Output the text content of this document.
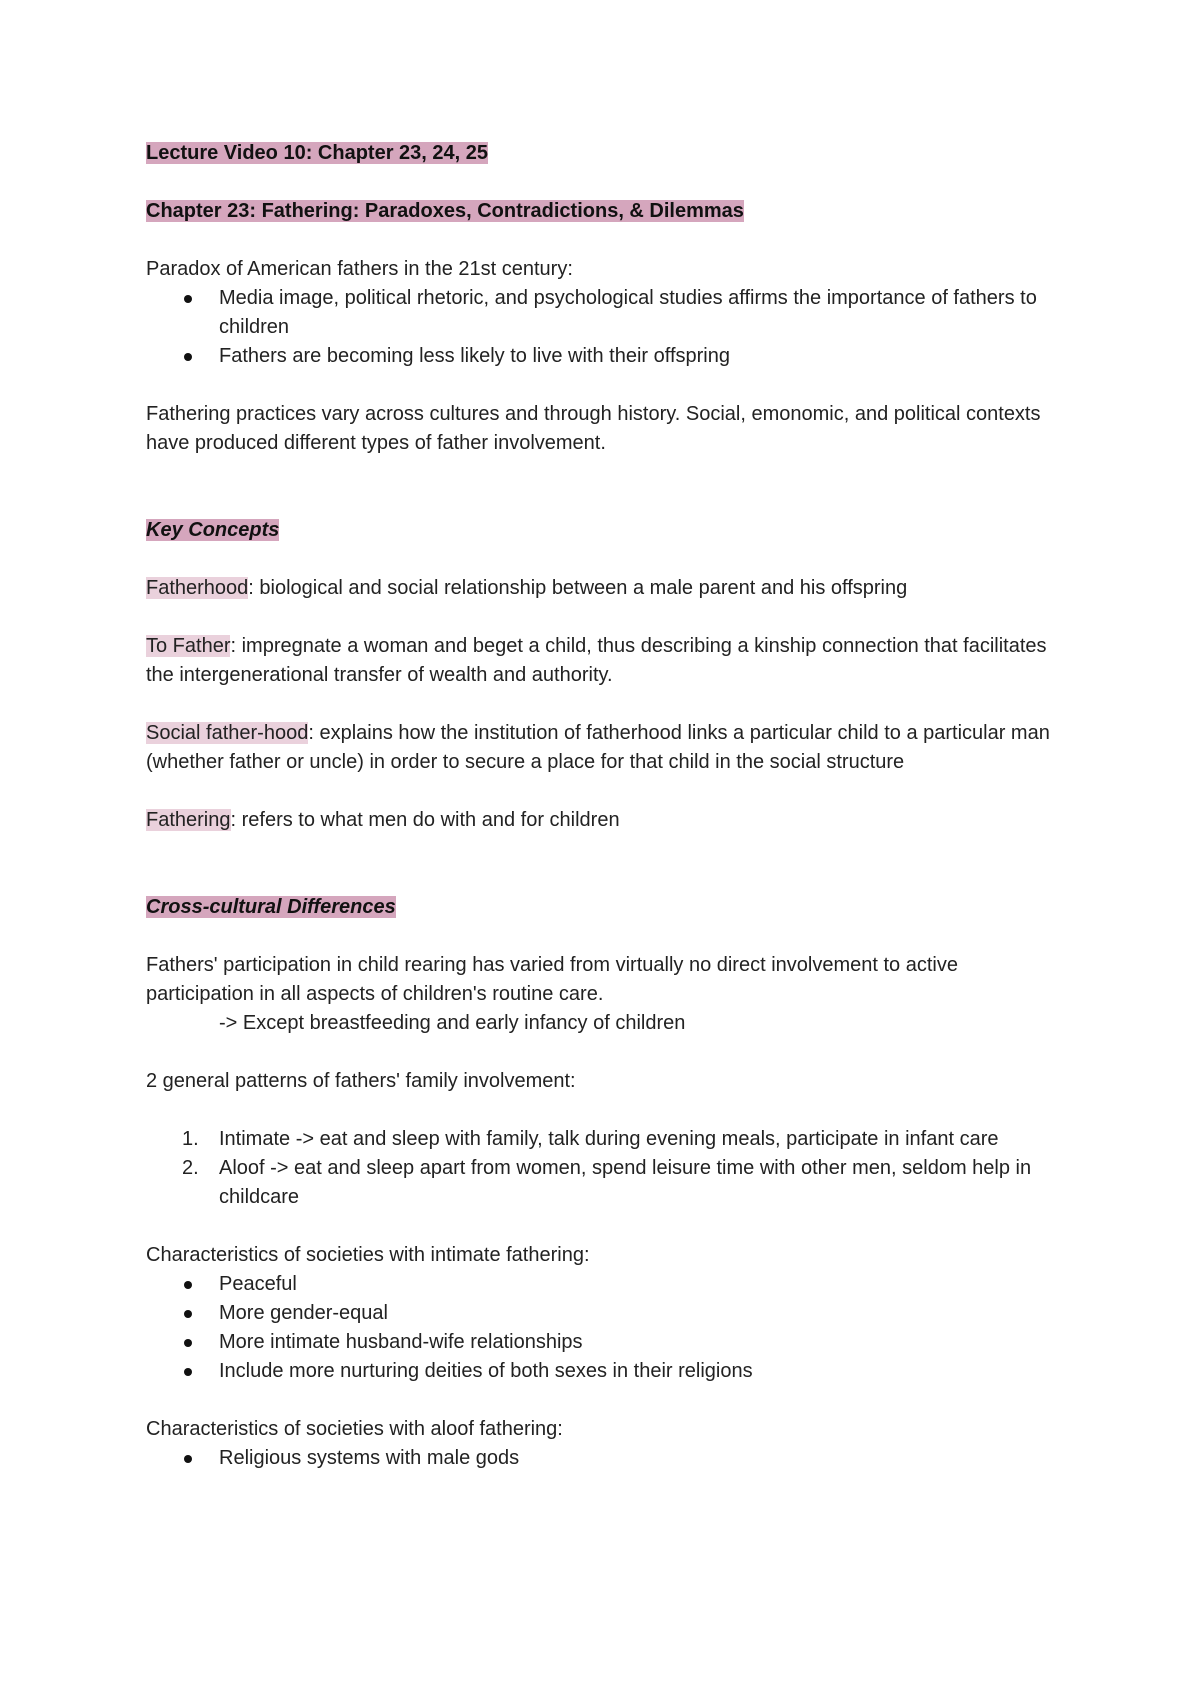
Lecture Video 10: Chapter 23, 24, 25

Chapter 23: Fathering: Paradoxes, Contradictions, & Dilemmas

Paradox of American fathers in the 21st century:

Media image, political rhetoric, and psychological studies affirms the importance of fathers to children
Fathers are becoming less likely to live with their offspring

Fathering practices vary across cultures and through history. Social, emonomic, and political contexts have produced different types of father involvement.

Key Concepts

Fatherhood: biological and social relationship between a male parent and his offspring

To Father: impregnate a woman and beget a child, thus describing a kinship connection that facilitates the intergenerational transfer of wealth and authority.

Social father-hood: explains how the institution of fatherhood links a particular child to a particular man (whether father or uncle) in order to secure a place for that child in the social structure

Fathering: refers to what men do with and for children

Cross-cultural Differences

Fathers' participation in child rearing has varied from virtually no direct involvement to active participation in all aspects of children's routine care.

-> Except breastfeeding and early infancy of children

2 general patterns of fathers' family involvement:

1. Intimate -> eat and sleep with family, talk during evening meals, participate in infant care
2. Aloof -> eat and sleep apart from women, spend leisure time with other men, seldom help in childcare

Characteristics of societies with intimate fathering:

Peaceful
More gender-equal
More intimate husband-wife relationships
Include more nurturing deities of both sexes in their religions

Characteristics of societies with aloof fathering:

Religious systems with male gods
